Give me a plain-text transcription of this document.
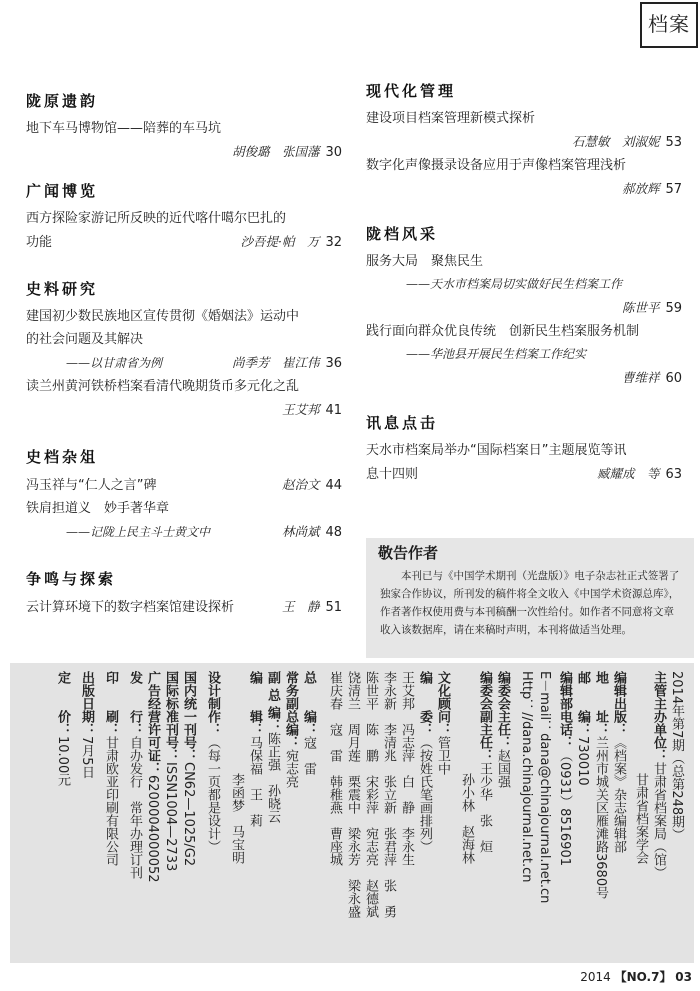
档案
陇原遗韵
地下车马博物馆——陪葬的车马坑
胡俊璐　张国藩 30
广闻博览
西方探险家游记所反映的近代喀什噶尔巴扎的
功能	沙吾提·帕　万 32
史料研究
建国初少数民族地区宣传贯彻《婚姻法》运动中
的社会问题及其解决
——以甘肃省为例	尚季芳　崔江伟 36
读兰州黄河铁桥档案看清代晚期货币多元化之乱
王艾邦 41
史档杂俎
冯玉祥与“仁人之言”碑	赵治文 44
铁肩担道义　妙手著华章
——记陇上民主斗士黄文中	林尚斌 48
争鸣与探索
云计算环境下的数字档案馆建设探析	王　静 51
现代化管理
建设项目档案管理新模式探析
石慧敏　刘淑妮 53
数字化声像摄录设备应用于声像档案管理浅析
郝放辉 57
陇档风采
服务大局　聚焦民生
——天水市档案局切实做好民生档案工作
陈世平 59
践行面向群众优良传统　创新民生档案服务机制
——华池县开展民生档案工作纪实
曹维祥 60
讯息点击
天水市档案局举办“国际档案日”主题展览等讯
息十四则	臧耀成　等 63
敬告作者
本刊已与《中国学术期刊（光盘版）》电子杂志社正式签署了独家合作协议，所刊发的稿件将全文收入《中国学术资源总库》，作者著作权使用费与本刊稿酬一次性给付。如作者不同意将文章收入该数据库，请在来稿时声明，本刊将做适当处理。
2014年第7期（总第248期）
主管主办单位：甘肃省档案局（馆）
甘肃省档案学会
编辑出版：《档案》杂志编辑部
地　　址：兰州市城关区雁滩路3680号
邮　　编：730010
编辑部电话：（0931）8516901
E－mail：dana@chinajournal.net.cn
Http：//dana.chinajournal.net.cn
编委会主任：赵国强
编委会副主任：王少华　张　烜
孙小林　赵海林
文化顾问：管卫中
编　　委：（按姓氏笔画排列）
王艾邦　冯志萍　白　静　李永生
李永新　李清兆　张立新　张君萍　张　勇
陈世平　陈　鹏　宋彩萍　宛志亮　赵德斌
饶清兰　周月莲　栗震中　梁永芳　梁永盛
崔庆春　寇　雷　韩稚燕　曹座城
总　　编：寇　雷
常务副总编：宛志亮
副 总 编：陈正强　孙晓云
编　　辑：马保福　王　莉
李函梦　马宝明
设计制作：（每一页都是设计）
国内统一刊号：CN62—1025/G2
国际标准刊号：ISSN1004—2733
广告经营许可证：6200004000052
发　　行：自办发行　常年办理订刊
印　　刷：甘肃欧亚印刷有限公司
出版日期：7月5日
定　　价：10.00元
2014 【NO.7】 03
